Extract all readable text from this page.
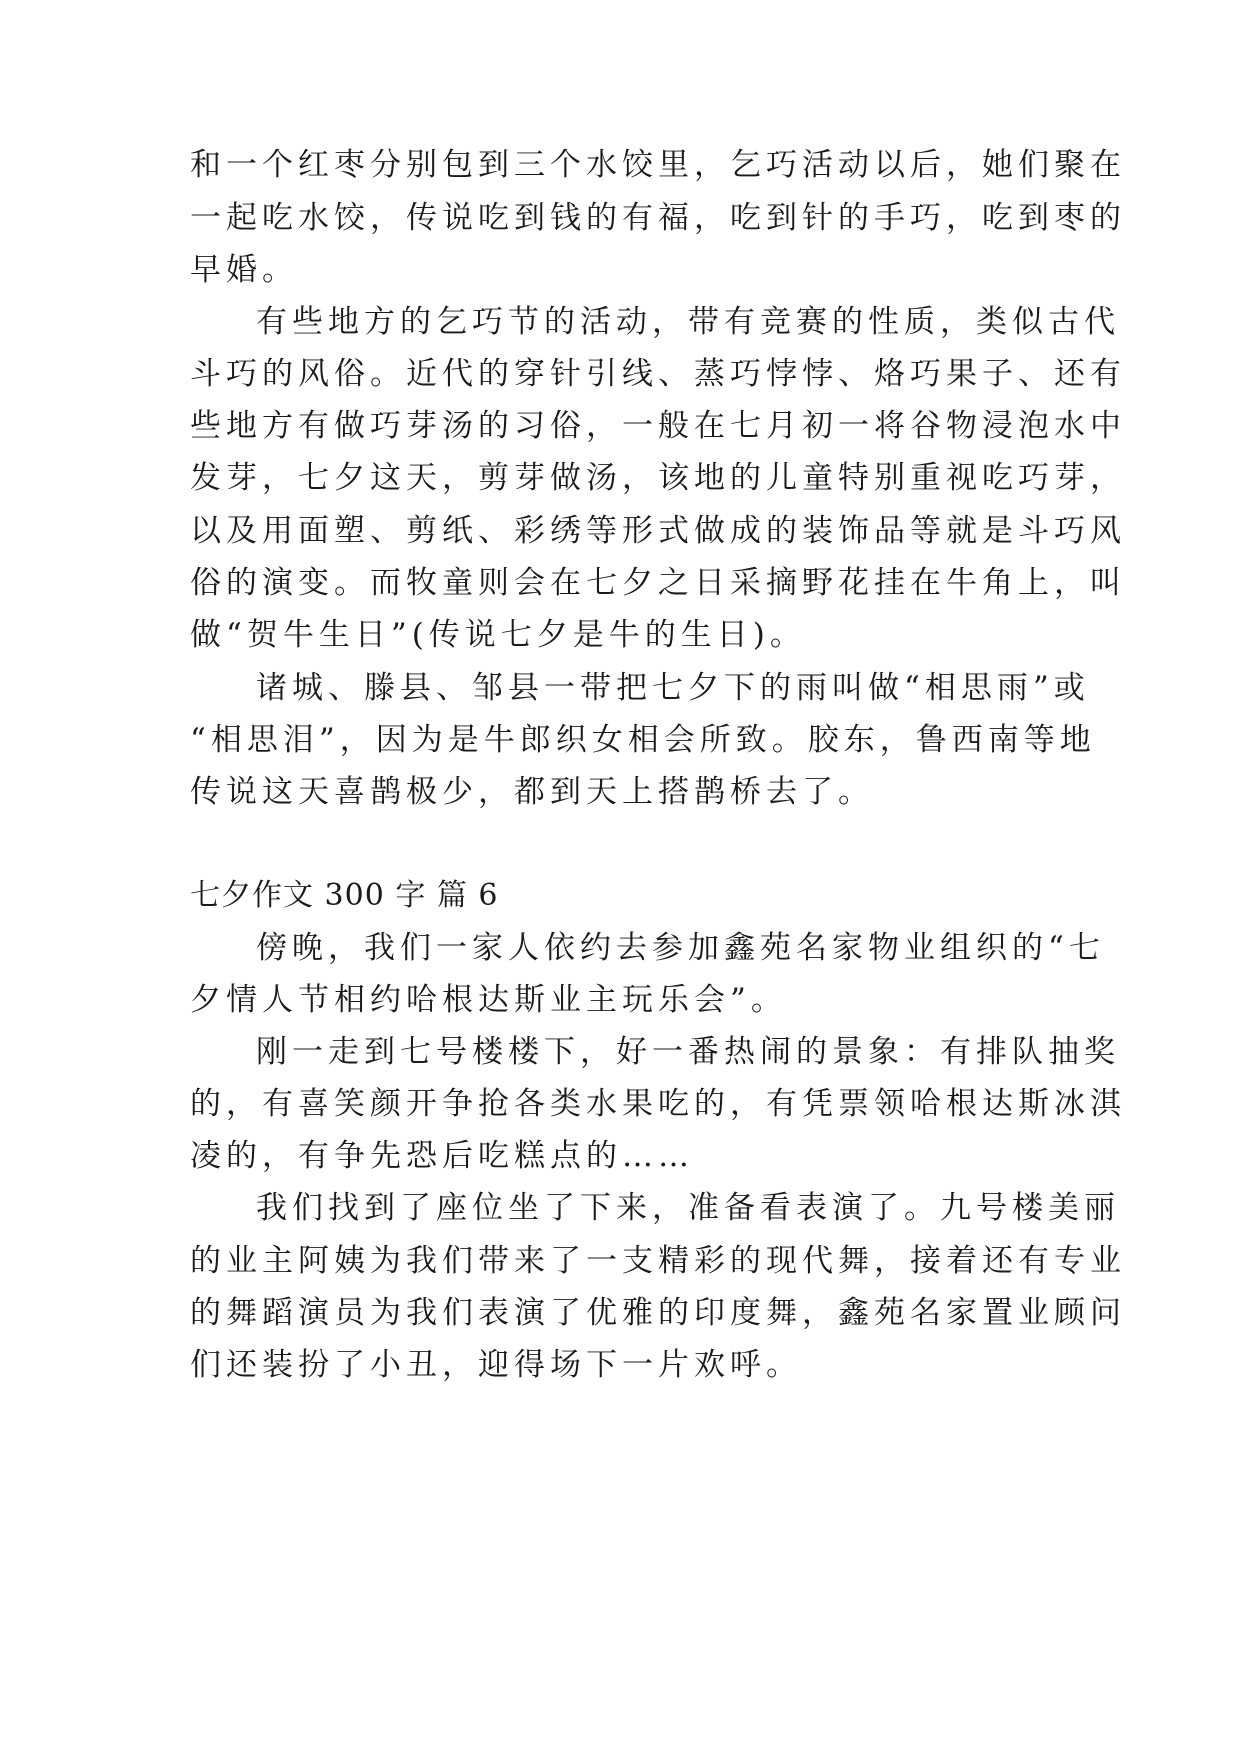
和一个红枣分别包到三个水饺里，乞巧活动以后，她们聚在
一起吃水饺，传说吃到钱的有福，吃到针的手巧，吃到枣的
早婚。
有些地方的乞巧节的活动，带有竞赛的性质，类似古代
斗巧的风俗。近代的穿针引线、蒸巧悖悖、烙巧果子、还有
些地方有做巧芽汤的习俗，一般在七月初一将谷物浸泡水中
发芽，七夕这天，剪芽做汤，该地的儿童特别重视吃巧芽，
以及用面塑、剪纸、彩绣等形式做成的装饰品等就是斗巧风
俗的演变。而牧童则会在七夕之日采摘野花挂在牛角上，叫
做“贺牛生日”(传说七夕是牛的生日)。
诸城、滕县、邹县一带把七夕下的雨叫做“相思雨”或
“相思泪”，因为是牛郎织女相会所致。胶东，鲁西南等地
传说这天喜鹊极少，都到天上搭鹊桥去了。
七夕作文 300 字 篇 6
傍晚，我们一家人依约去参加鑫苑名家物业组织的“七
夕情人节相约哈根达斯业主玩乐会”。
刚一走到七号楼楼下，好一番热闹的景象：有排队抽奖
的，有喜笑颜开争抢各类水果吃的，有凭票领哈根达斯冰淇
凌的，有争先恐后吃糕点的……
我们找到了座位坐了下来，准备看表演了。九号楼美丽
的业主阿姨为我们带来了一支精彩的现代舞，接着还有专业
的舞蹈演员为我们表演了优雅的印度舞，鑫苑名家置业顾问
们还装扮了小丑，迎得场下一片欢呼。
